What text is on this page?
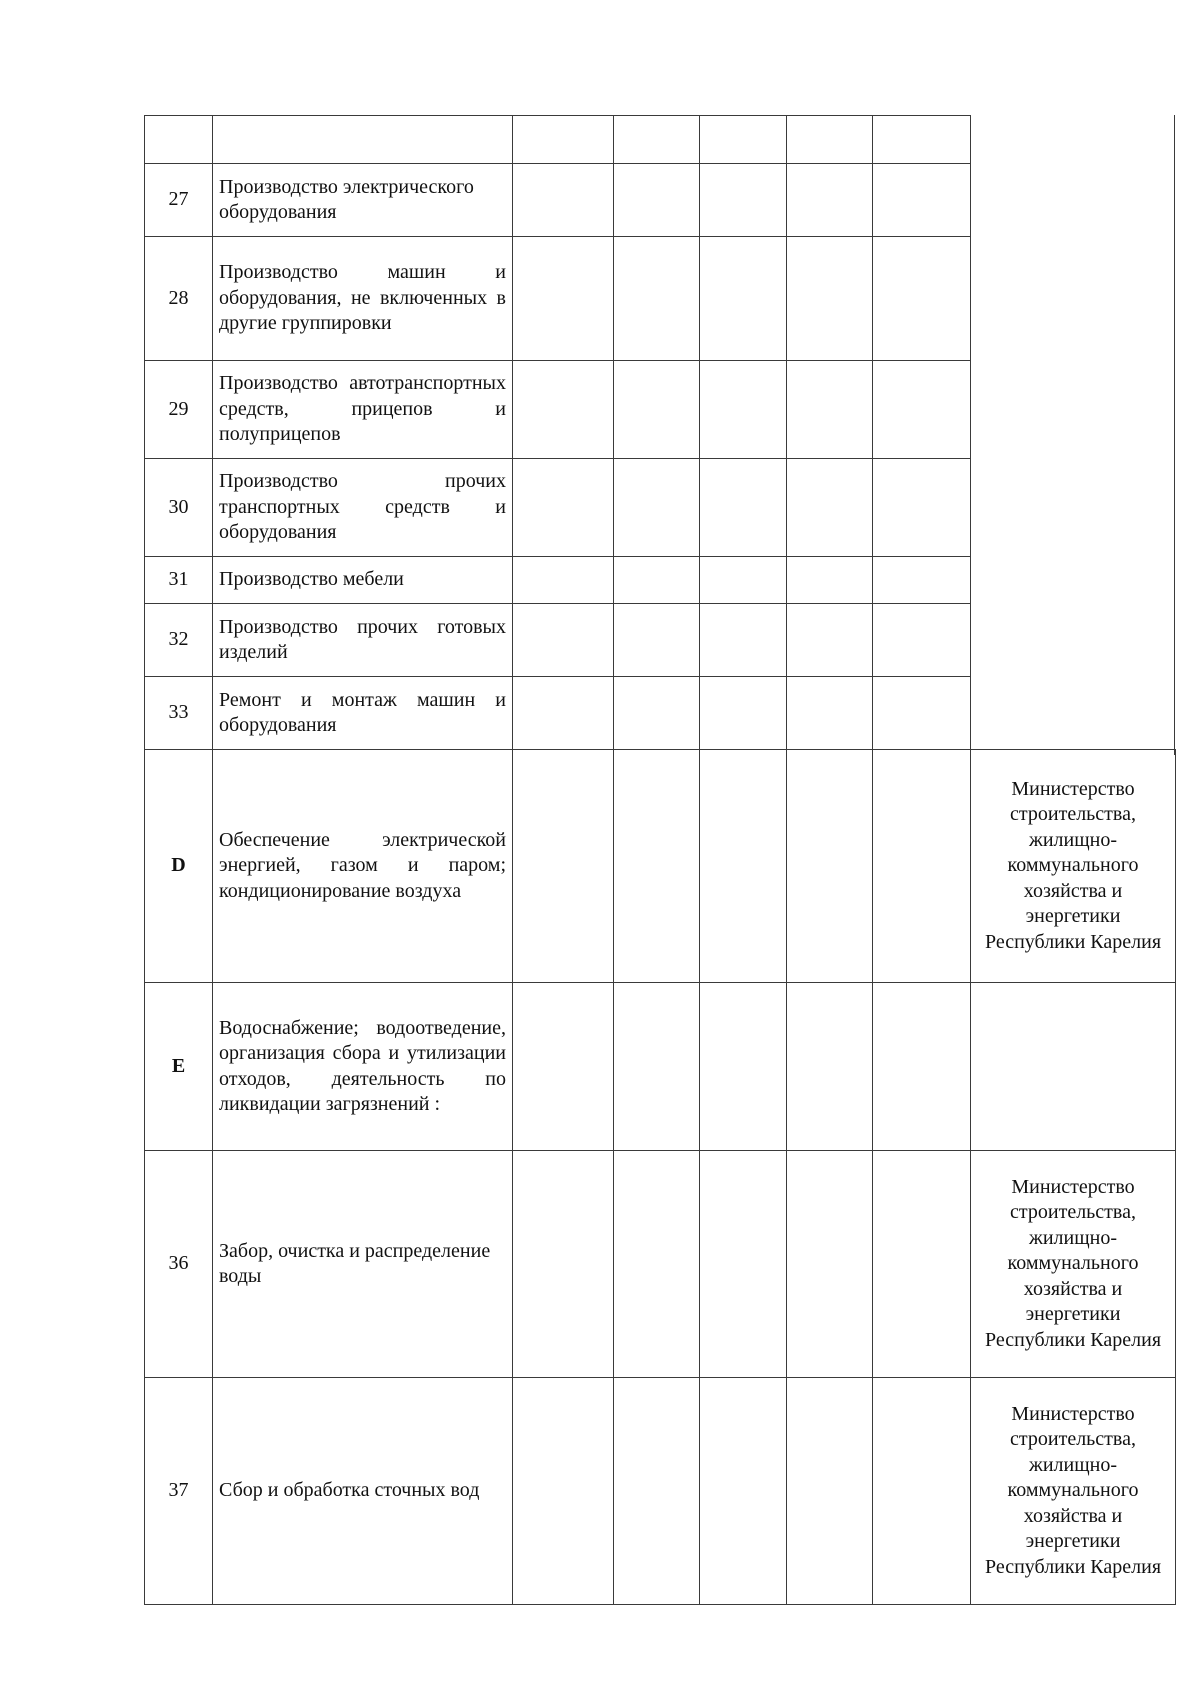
27	Производство электрического оборудования						
28	Производство машин и оборудования, не включенных в другие группировки						
29	Производство автотранспортных средств, прицепов и полуприцепов						
30	Производство прочих транспортных средств и оборудования						
31	Производство мебели						
32	Производство прочих готовых изделий						
33	Ремонт и монтаж машин и оборудования						
D	Обеспечение электрической энергией, газом и паром; кондиционирование воздуха						Министерство строительства, жилищно-коммунального хозяйства и энергетики Республики Карелия
E	Водоснабжение; водоотведение, организация сбора и утилизации отходов, деятельность по ликвидации загрязнений :						
36	Забор, очистка и распределение воды						Министерство строительства, жилищно-коммунального хозяйства и энергетики Республики Карелия
37	Сбор и обработка сточных вод						Министерство строительства, жилищно-коммунального хозяйства и энергетики Республики Карелия
